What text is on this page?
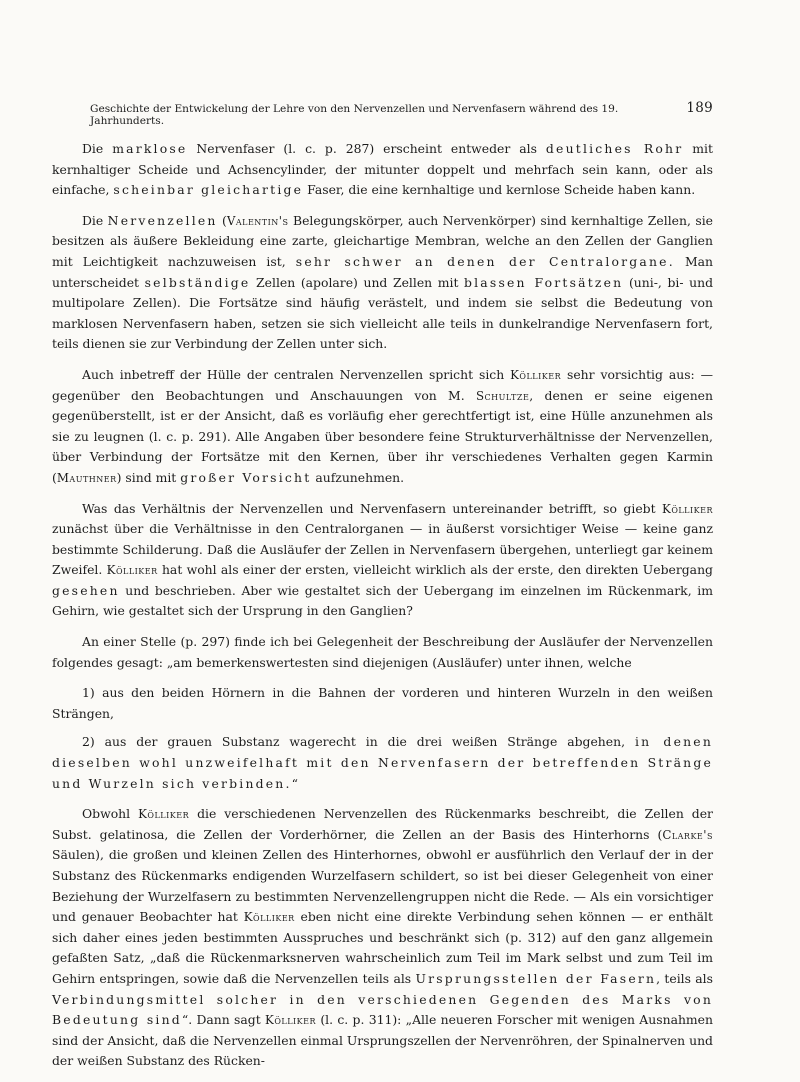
Geschichte der Entwickelung der Lehre von den Nervenzellen und Nervenfasern während des 19. Jahrhunderts.
189

Die marklose Nervenfaser (l. c. p. 287) erscheint entweder als deutliches Rohr mit kernhaltiger Scheide und Achsencylinder, der mitunter doppelt und mehrfach sein kann, oder als einfache, scheinbar gleichartige Faser, die eine kernhaltige und kernlose Scheide haben kann.

Die Nervenzellen (Valentin's Belegungskörper, auch Nervenkörper) sind kernhaltige Zellen, sie besitzen als äußere Bekleidung eine zarte, gleichartige Membran, welche an den Zellen der Ganglien mit Leichtigkeit nachzuweisen ist, sehr schwer an denen der Centralorgane. Man unterscheidet selbständige Zellen (apolare) und Zellen mit blassen Fortsätzen (uni-, bi- und multipolare Zellen). Die Fortsätze sind häufig verästelt, und indem sie selbst die Bedeutung von marklosen Nervenfasern haben, setzen sie sich vielleicht alle teils in dunkelrandige Nervenfasern fort, teils dienen sie zur Verbindung der Zellen unter sich.

Auch inbetreff der Hülle der centralen Nervenzellen spricht sich Kölliker sehr vorsichtig aus: — gegenüber den Beobachtungen und Anschauungen von M. Schultze, denen er seine eigenen gegenüberstellt, ist er der Ansicht, daß es vorläufig eher gerechtfertigt ist, eine Hülle anzunehmen als sie zu leugnen (l. c. p. 291). Alle Angaben über besondere feine Strukturverhältnisse der Nervenzellen, über Verbindung der Fortsätze mit den Kernen, über ihr verschiedenes Verhalten gegen Karmin (Mauthner) sind mit großer Vorsicht aufzunehmen.

Was das Verhältnis der Nervenzellen und Nervenfasern untereinander betrifft, so giebt Kölliker zunächst über die Verhältnisse in den Centralorganen — in äußerst vorsichtiger Weise — keine ganz bestimmte Schilderung. Daß die Ausläufer der Zellen in Nervenfasern übergehen, unterliegt gar keinem Zweifel. Kölliker hat wohl als einer der ersten, vielleicht wirklich als der erste, den direkten Uebergang gesehen und beschrieben. Aber wie gestaltet sich der Uebergang im einzelnen im Rückenmark, im Gehirn, wie gestaltet sich der Ursprung in den Ganglien?

An einer Stelle (p. 297) finde ich bei Gelegenheit der Beschreibung der Ausläufer der Nervenzellen folgendes gesagt: „am bemerkenswertesten sind diejenigen (Ausläufer) unter ihnen, welche

1) aus den beiden Hörnern in die Bahnen der vorderen und hinteren Wurzeln in den weißen Strängen,

2) aus der grauen Substanz wagerecht in die drei weißen Stränge abgehen, in denen dieselben wohl unzweifelhaft mit den Nervenfasern der betreffenden Stränge und Wurzeln sich verbinden.“

Obwohl Kölliker die verschiedenen Nervenzellen des Rückenmarks beschreibt, die Zellen der Subst. gelatinosa, die Zellen der Vorderhörner, die Zellen an der Basis des Hinterhorns (Clarke's Säulen), die großen und kleinen Zellen des Hinterhornes, obwohl er ausführlich den Verlauf der in der Substanz des Rückenmarks endigenden Wurzelfasern schildert, so ist bei dieser Gelegenheit von einer Beziehung der Wurzelfasern zu bestimmten Nervenzellengruppen nicht die Rede. — Als ein vorsichtiger und genauer Beobachter hat Kölliker eben nicht eine direkte Verbindung sehen können — er enthält sich daher eines jeden bestimmten Ausspruches und beschränkt sich (p. 312) auf den ganz allgemein gefaßten Satz, „daß die Rückenmarksnerven wahrscheinlich zum Teil im Mark selbst und zum Teil im Gehirn entspringen, sowie daß die Nervenzellen teils als Ursprungsstellen der Fasern, teils als Verbindungsmittel solcher in den verschiedenen Gegenden des Marks von Bedeutung sind“. Dann sagt Kölliker (l. c. p. 311): „Alle neueren Forscher mit wenigen Ausnahmen sind der Ansicht, daß die Nervenzellen einmal Ursprungszellen der Nervenröhren, der Spinalnerven und der weißen Substanz des Rücken-
